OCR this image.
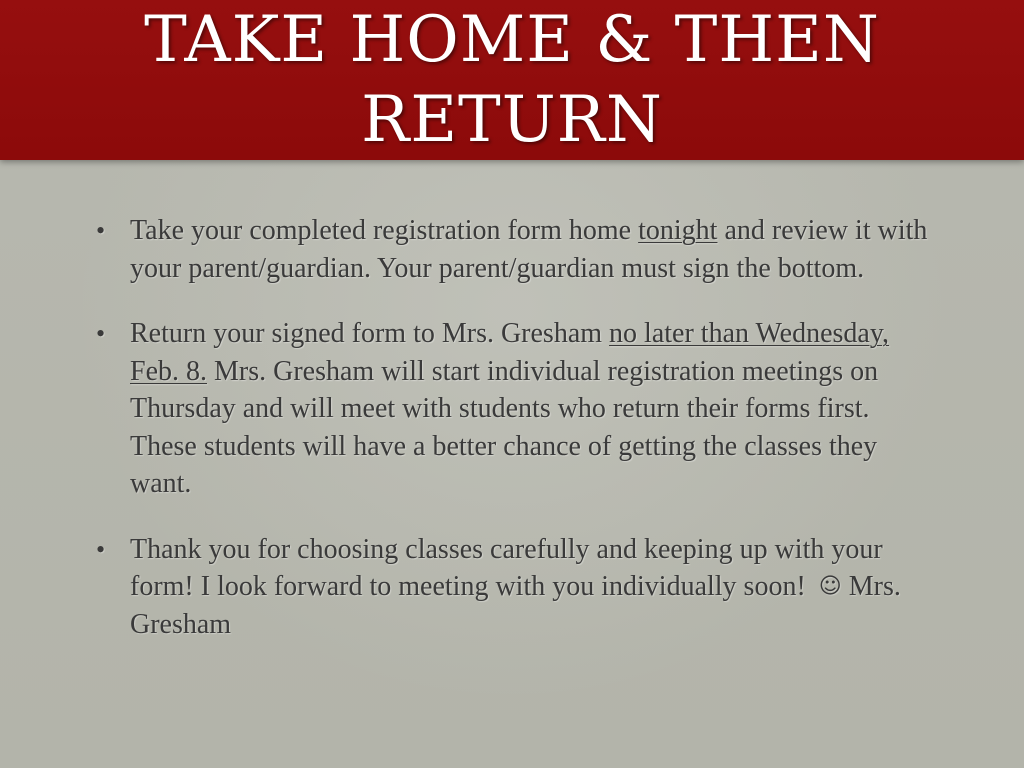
TAKE HOME & THEN
RETURN
• Take your completed registration form home tonight and review it with your parent/guardian. Your parent/guardian must sign the bottom.
• Return your signed form to Mrs. Gresham no later than Wednesday, Feb. 8. Mrs. Gresham will start individual registration meetings on Thursday and will meet with students who return their forms first. These students will have a better chance of getting the classes they want.
• Thank you for choosing classes carefully and keeping up with your form! I look forward to meeting with you individually soon! ☺ Mrs. Gresham
